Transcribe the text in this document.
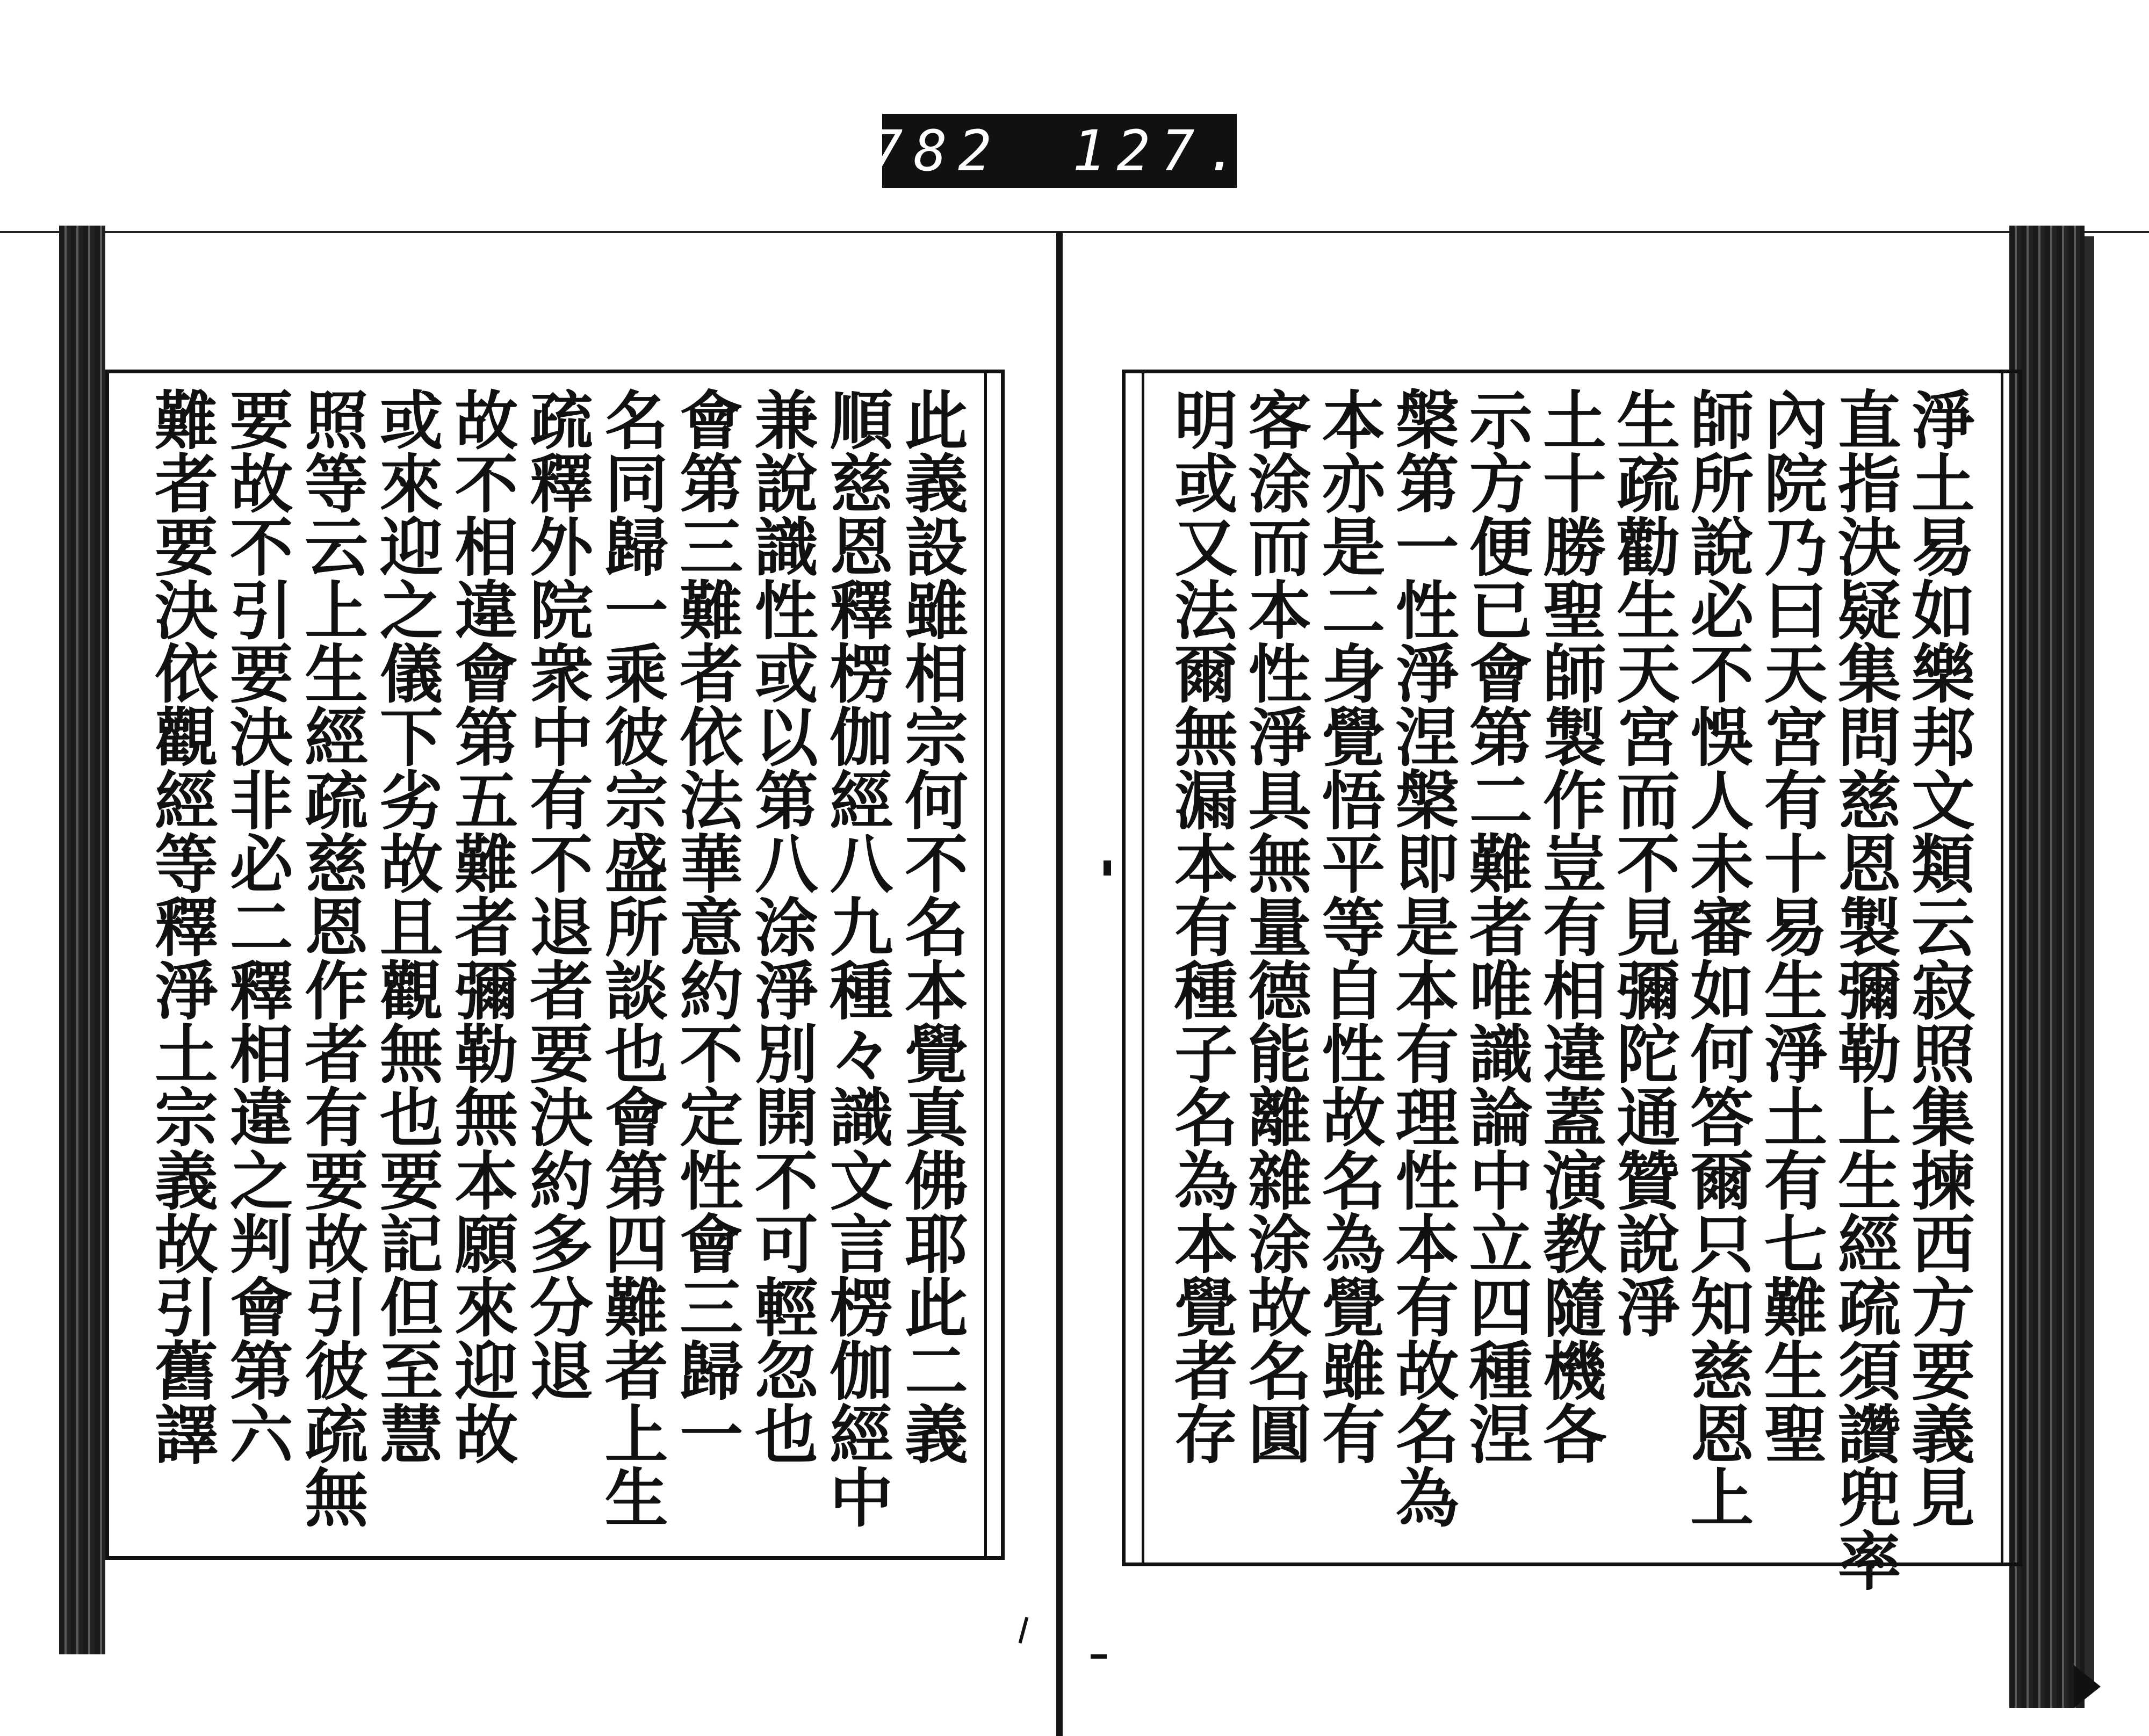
782 127.
此義設雖相宗何不名本覺真佛耶此二義
順慈恩釋楞伽經八九種々識文言楞伽經中
兼說識性或以第八涂淨別開不可輕忽也
會第三難者依法華意約不定性會三歸一
名同歸一乘彼宗盛所談也會第四難者上生
疏釋外院衆中有不退者要決約多分退
故不相違會第五難者彌勒無本願來迎故
或來迎之儀下劣故且觀無也要記但至慧
照等云上生經疏慈恩作者有要故引彼疏無
要故不引要決非必二釋相違之判會第六
難者要決依觀經等釋淨土宗義故引舊譯	淨土易如樂邦文類云寂照集揀西方要義見
直指決疑集問慈恩製彌勒上生經疏須讚兜率
內院乃曰天宮有十易生淨土有七難生聖
師所說必不悞人未審如何答爾只知慈恩上
生疏勸生天宮而不見彌陀通贊說淨
土十勝聖師製作豈有相違蓋演教隨機各
示方便已會第二難者唯識論中立四種涅
槃第一性淨涅槃即是本有理性本有故名為
本亦是二身覺悟平等自性故名為覺雖有
客涂而本性淨具無量德能離雜涂故名圓
明或又法爾無漏本有種子名為本覺者存
